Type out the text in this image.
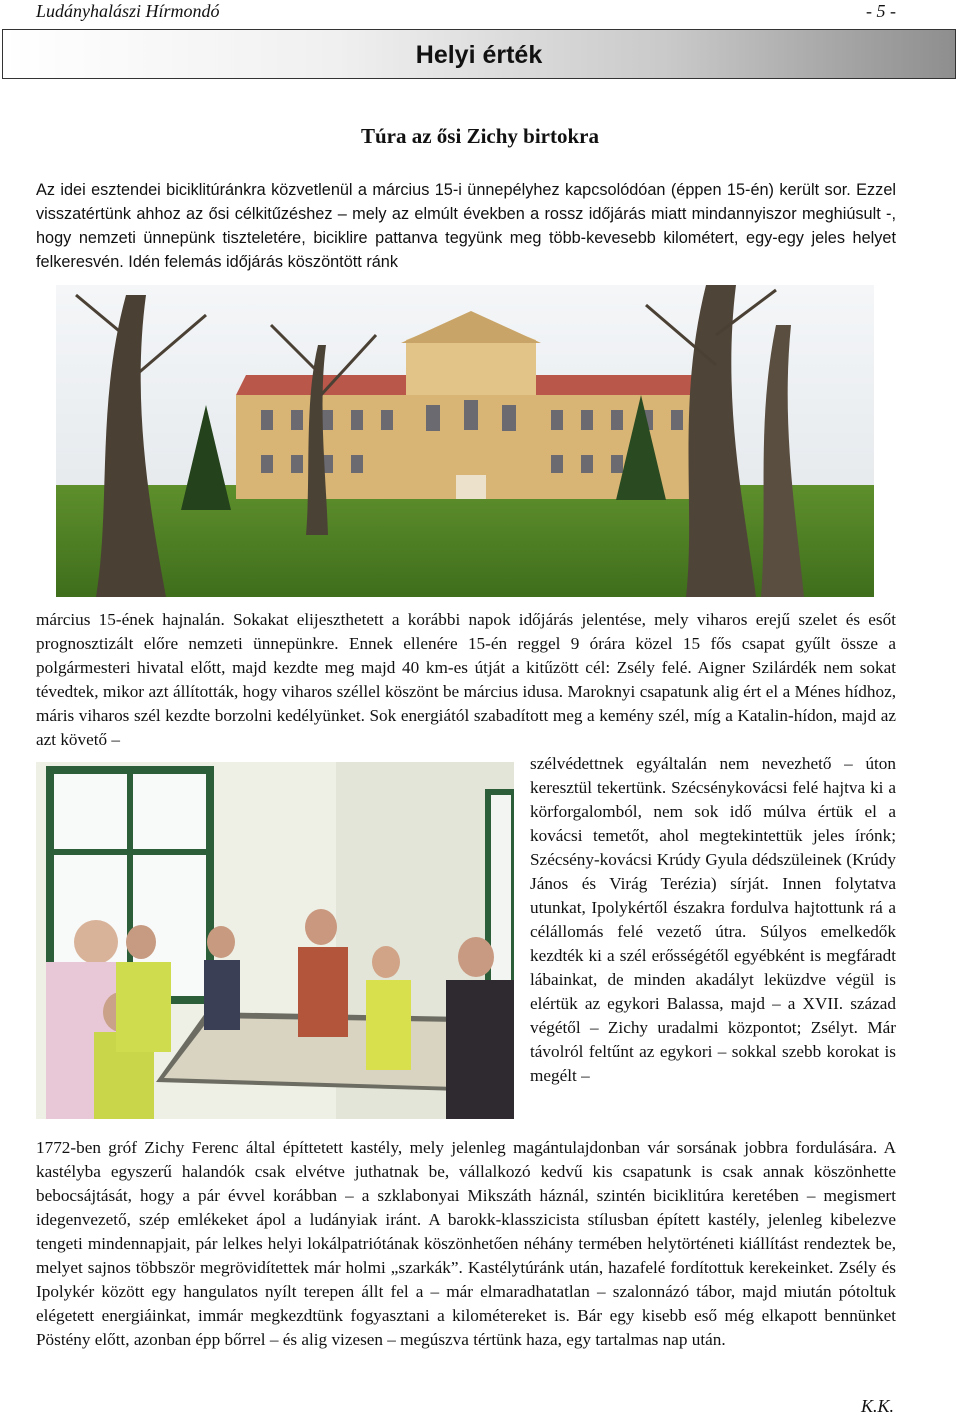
Ludányhalászi Hírmondó	- 5 -
Helyi érték
Túra az ősi Zichy birtokra

Az idei esztendei biciklitúránkra közvetlenül a március 15-i ünnepélyhez kapcsolódóan (éppen 15-én) került sor. Ezzel visszatértünk ahhoz az ősi célkitűzéshez – mely az elmúlt években a rossz időjárás miatt mindannyiszor meghiúsult -, hogy nemzeti ünnepünk tiszteletére, biciklire pattanva tegyünk meg több-kevesebb kilométert, egy-egy jeles helyet felkeresvén. Idén felemás időjárás köszöntött ránk

március 15-ének hajnalán. Sokakat elijeszthetett a korábbi napok időjárás jelentése, mely viharos erejű szelet és esőt prognosztizált előre nemzeti ünnepünkre. Ennek ellenére 15-én reggel 9 órára közel 15 fős csapat gyűlt össze a polgármesteri hivatal előtt, majd kezdte meg majd 40 km-es útját a kitűzött cél: Zsély felé. Aigner Szilárdék nem sokat tévedtek, mikor azt állították, hogy viharos széllel köszönt be március idusa. Maroknyi csapatunk alig ért el a Ménes hídhoz, máris viharos szél kezdte borzolni kedélyünket. Sok energiától szabadított meg a kemény szél, míg a Katalin-hídon, majd az azt követő –

szélvédettnek egyáltalán nem nevezhető – úton keresztül tekertünk. Szécsénykovácsi felé hajtva ki a körforgalomból, nem sok idő múlva értük el a kovácsi temetőt, ahol megtekintettük jeles írónk; Szécsény-kovácsi Krúdy Gyula dédszüleinek (Krúdy János és Virág Terézia) sírját. Innen folytatva utunkat, Ipolykértől északra fordulva hajtottunk rá a célállomás felé vezető útra. Súlyos emelkedők kezdték ki a szél erősségétől egyébként is megfáradt lábainkat, de minden akadályt leküzdve végül is elértük az egykori Balassa, majd – a XVII. század végétől – Zichy uradalmi központot; Zsélyt. Már távolról feltűnt az egykori – sokkal szebb korokat is megélt –

1772-ben gróf Zichy Ferenc által építtetett kastély, mely jelenleg magántulajdonban vár sorsának jobbra fordulására. A kastélyba egyszerű halandók csak elvétve juthatnak be, vállalkozó kedvű kis csapatunk is csak annak köszönhette bebocsájtását, hogy a pár évvel korábban – a szklabonyai Mikszáth háznál, szintén biciklitúra keretében – megismert idegenvezető, szép emlékeket ápol a ludányiak iránt. A barokk-klasszicista stílusban épített kastély, jelenleg kibelezve tengeti mindennapjait, pár lelkes helyi lokálpatriótának köszönhetően néhány termében helytörténeti kiállítást rendeztek be, melyet sajnos többször megrövidítettek már holmi „szarkák”. Kastélytúránk után, hazafelé fordítottuk kerekeinket. Zsély és Ipolykér között egy hangulatos nyílt terepen állt fel a – már elmaradhatatlan – szalonnázó tábor, majd miután pótoltuk elégetett energiáinkat, immár megkezdtünk fogyasztani a kilométereket is. Bár egy kisebb eső még elkapott bennünket Pöstény előtt, azonban épp bőrrel – és alig vizesen – megúszva tértünk haza, egy tartalmas nap után.

K.K.
